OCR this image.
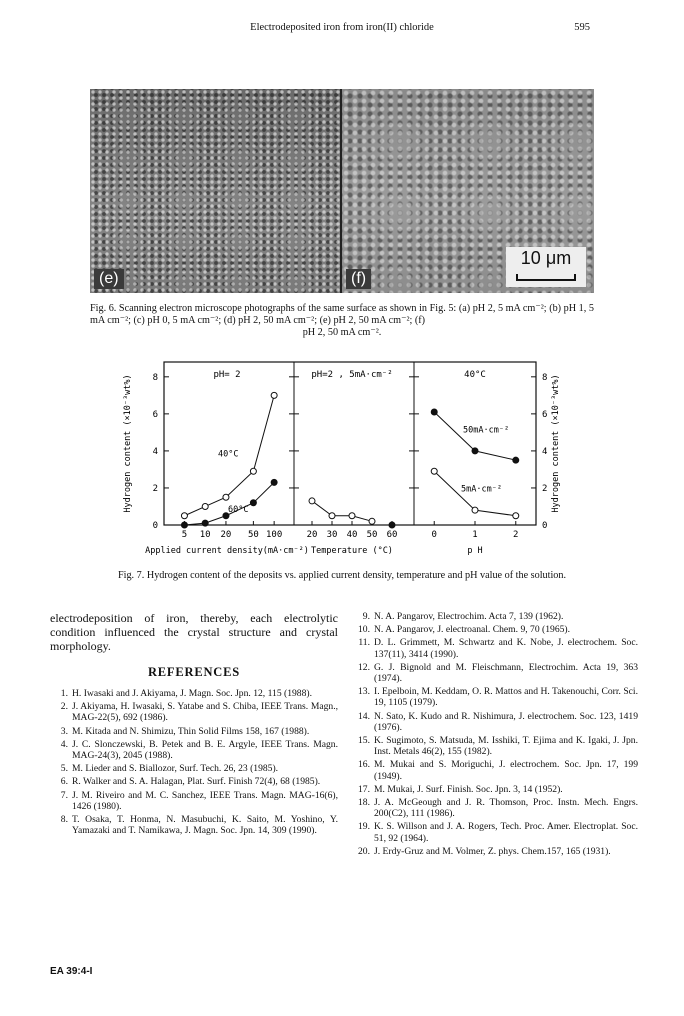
Electrodeposited iron from iron(II) chloride	595
(e)	(f)
10 μm
Fig. 6. Scanning electron microscope photographs of the same surface as shown in Fig. 5: (a) pH 2, 5 mA cm⁻²; (b) pH 1, 5 mA cm⁻²; (c) pH 0, 5 mA cm⁻²; (d) pH 2, 50 mA cm⁻²; (e) pH 2, 50 mA cm⁻²; (f)
pH 2, 50 mA cm⁻².
0	0
2	2
4	4
6	6
8	8
Hydrogen content (×10⁻³wt%)	Hydrogen content (×10⁻³wt%)
pH= 2
5 10 20 50 100
Applied current density(mA·cm⁻²)
pH=2 , 5mA·cm⁻²
20 30 40 50 60
Temperature (°C)
40°C
0	1	2
p H
40°C
60°C
50mA·cm⁻²
5mA·cm⁻²
Fig. 7. Hydrogen content of the deposits vs. applied current density, temperature and pH value of the solution.

electrodeposition of iron, thereby, each electrolytic condition influenced the crystal structure and crystal morphology.

REFERENCES
1. H. Iwasaki and J. Akiyama, J. Magn. Soc. Jpn. 12, 115 (1988).
2. J. Akiyama, H. Iwasaki, S. Yatabe and S. Chiba, IEEE Trans. Magn., MAG-22(5), 692 (1986).
3. M. Kitada and N. Shimizu, Thin Solid Films 158, 167 (1988).
4. J. C. Slonczewski, B. Petek and B. E. Argyle, IEEE Trans. Magn. MAG-24(3), 2045 (1988).
5. M. Lieder and S. Biallozor, Surf. Tech. 26, 23 (1985).
6. R. Walker and S. A. Halagan, Plat. Surf. Finish 72(4), 68 (1985).
7. J. M. Riveiro and M. C. Sanchez, IEEE Trans. Magn. MAG-16(6), 1426 (1980).
8. T. Osaka, T. Honma, N. Masubuchi, K. Saito, M. Yoshino, Y. Yamazaki and T. Namikawa, J. Magn. Soc. Jpn. 14, 309 (1990).
9. N. A. Pangarov, Electrochim. Acta 7, 139 (1962).
10. N. A. Pangarov, J. electroanal. Chem. 9, 70 (1965).
11. D. L. Grimmett, M. Schwartz and K. Nobe, J. electrochem. Soc. 137(11), 3414 (1990).
12. G. J. Bignold and M. Fleischmann, Electrochim. Acta 19, 363 (1974).
13. I. Epelboin, M. Keddam, O. R. Mattos and H. Takenouchi, Corr. Sci. 19, 1105 (1979).
14. N. Sato, K. Kudo and R. Nishimura, J. electrochem. Soc. 123, 1419 (1976).
15. K. Sugimoto, S. Matsuda, M. Isshiki, T. Ejima and K. Igaki, J. Jpn. Inst. Metals 46(2), 155 (1982).
16. M. Mukai and S. Moriguchi, J. electrochem. Soc. Jpn. 17, 199 (1949).
17. M. Mukai, J. Surf. Finish. Soc. Jpn. 3, 14 (1952).
18. J. A. McGeough and J. R. Thomson, Proc. Instn. Mech. Engrs. 200(C2), 111 (1986).
19. K. S. Willson and J. A. Rogers, Tech. Proc. Amer. Electroplat. Soc. 51, 92 (1964).
20. J. Erdy-Gruz and M. Volmer, Z. phys. Chem.157, 165 (1931).
EA 39:4-I
